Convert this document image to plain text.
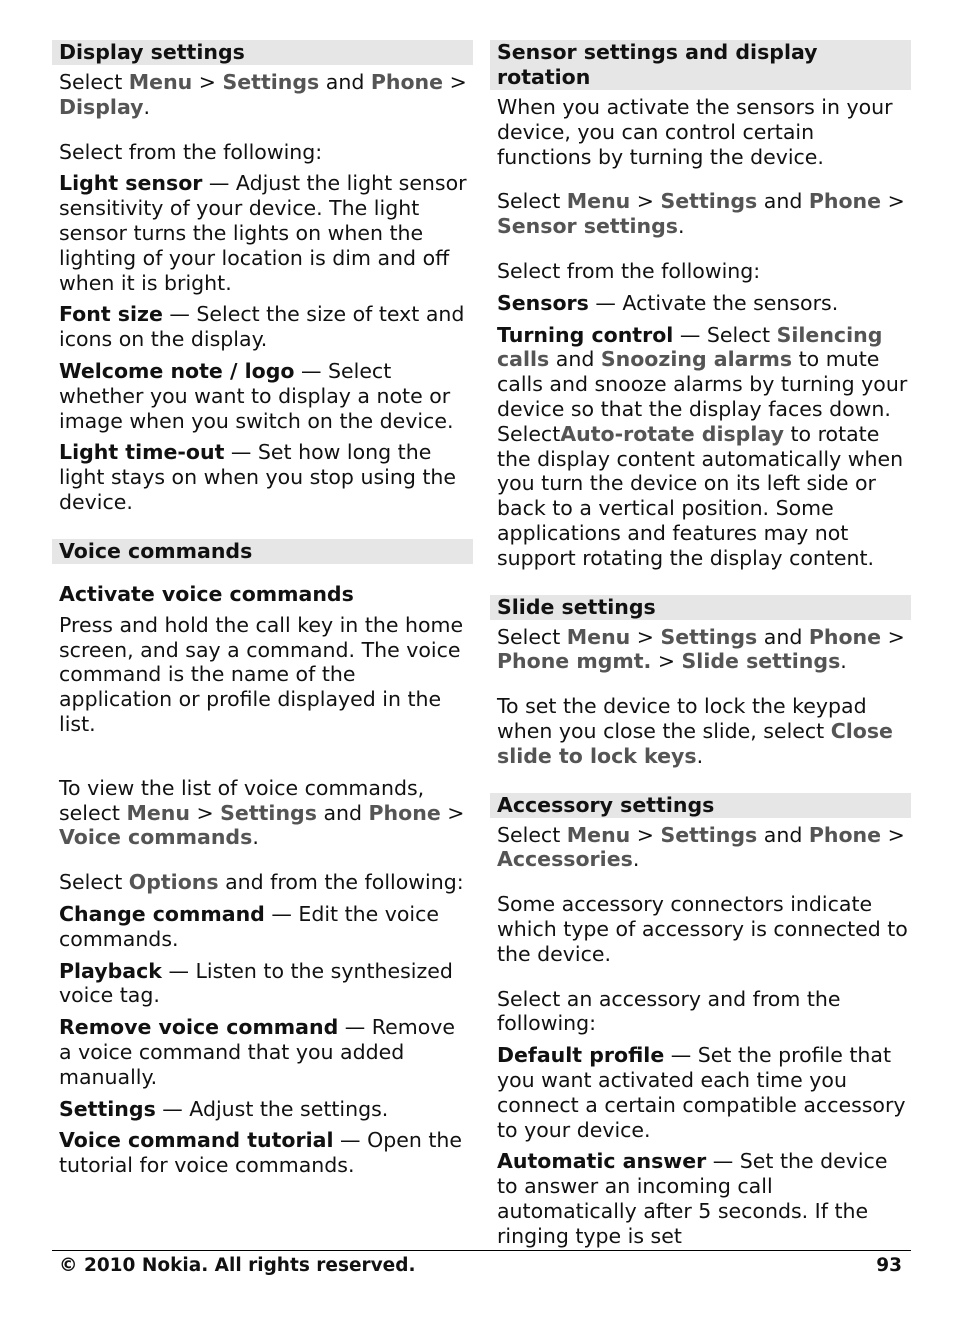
Display settings

Select Menu > Settings and Phone > Display.

Select from the following:

Light sensor — Adjust the light sensor sensitivity of your device. The light sensor turns the lights on when the lighting of your location is dim and off when it is bright.

Font size — Select the size of text and icons on the display.

Welcome note / logo — Select whether you want to display a note or image when you switch on the device.

Light time-out — Set how long the light stays on when you stop using the device.

Voice commands

Activate voice commands

Press and hold the call key in the home screen, and say a command. The voice command is the name of the application or profile displayed in the list.

To view the list of voice commands, select Menu > Settings and Phone > Voice commands.

Select Options and from the following:

Change command — Edit the voice commands.

Playback — Listen to the synthesized voice tag.

Remove voice command — Remove a voice command that you added manually.

Settings — Adjust the settings.

Voice command tutorial — Open the tutorial for voice commands.

Sensor settings and display rotation

When you activate the sensors in your device, you can control certain functions by turning the device.

Select Menu > Settings and Phone > Sensor settings.

Select from the following:

Sensors — Activate the sensors.

Turning control — Select Silencing calls and Snoozing alarms to mute calls and snooze alarms by turning your device so that the display faces down. SelectAuto-rotate display to rotate the display content automatically when you turn the device on its left side or back to a vertical position. Some applications and features may not support rotating the display content.

Slide settings

Select Menu > Settings and Phone > Phone mgmt. > Slide settings.

To set the device to lock the keypad when you close the slide, select Close slide to lock keys.

Accessory settings

Select Menu > Settings and Phone > Accessories.

Some accessory connectors indicate which type of accessory is connected to the device.

Select an accessory and from the following:

Default profile — Set the profile that you want activated each time you connect a certain compatible accessory to your device.

Automatic answer — Set the device to answer an incoming call automatically after 5 seconds. If the ringing type is set

© 2010 Nokia. All rights reserved.	93
